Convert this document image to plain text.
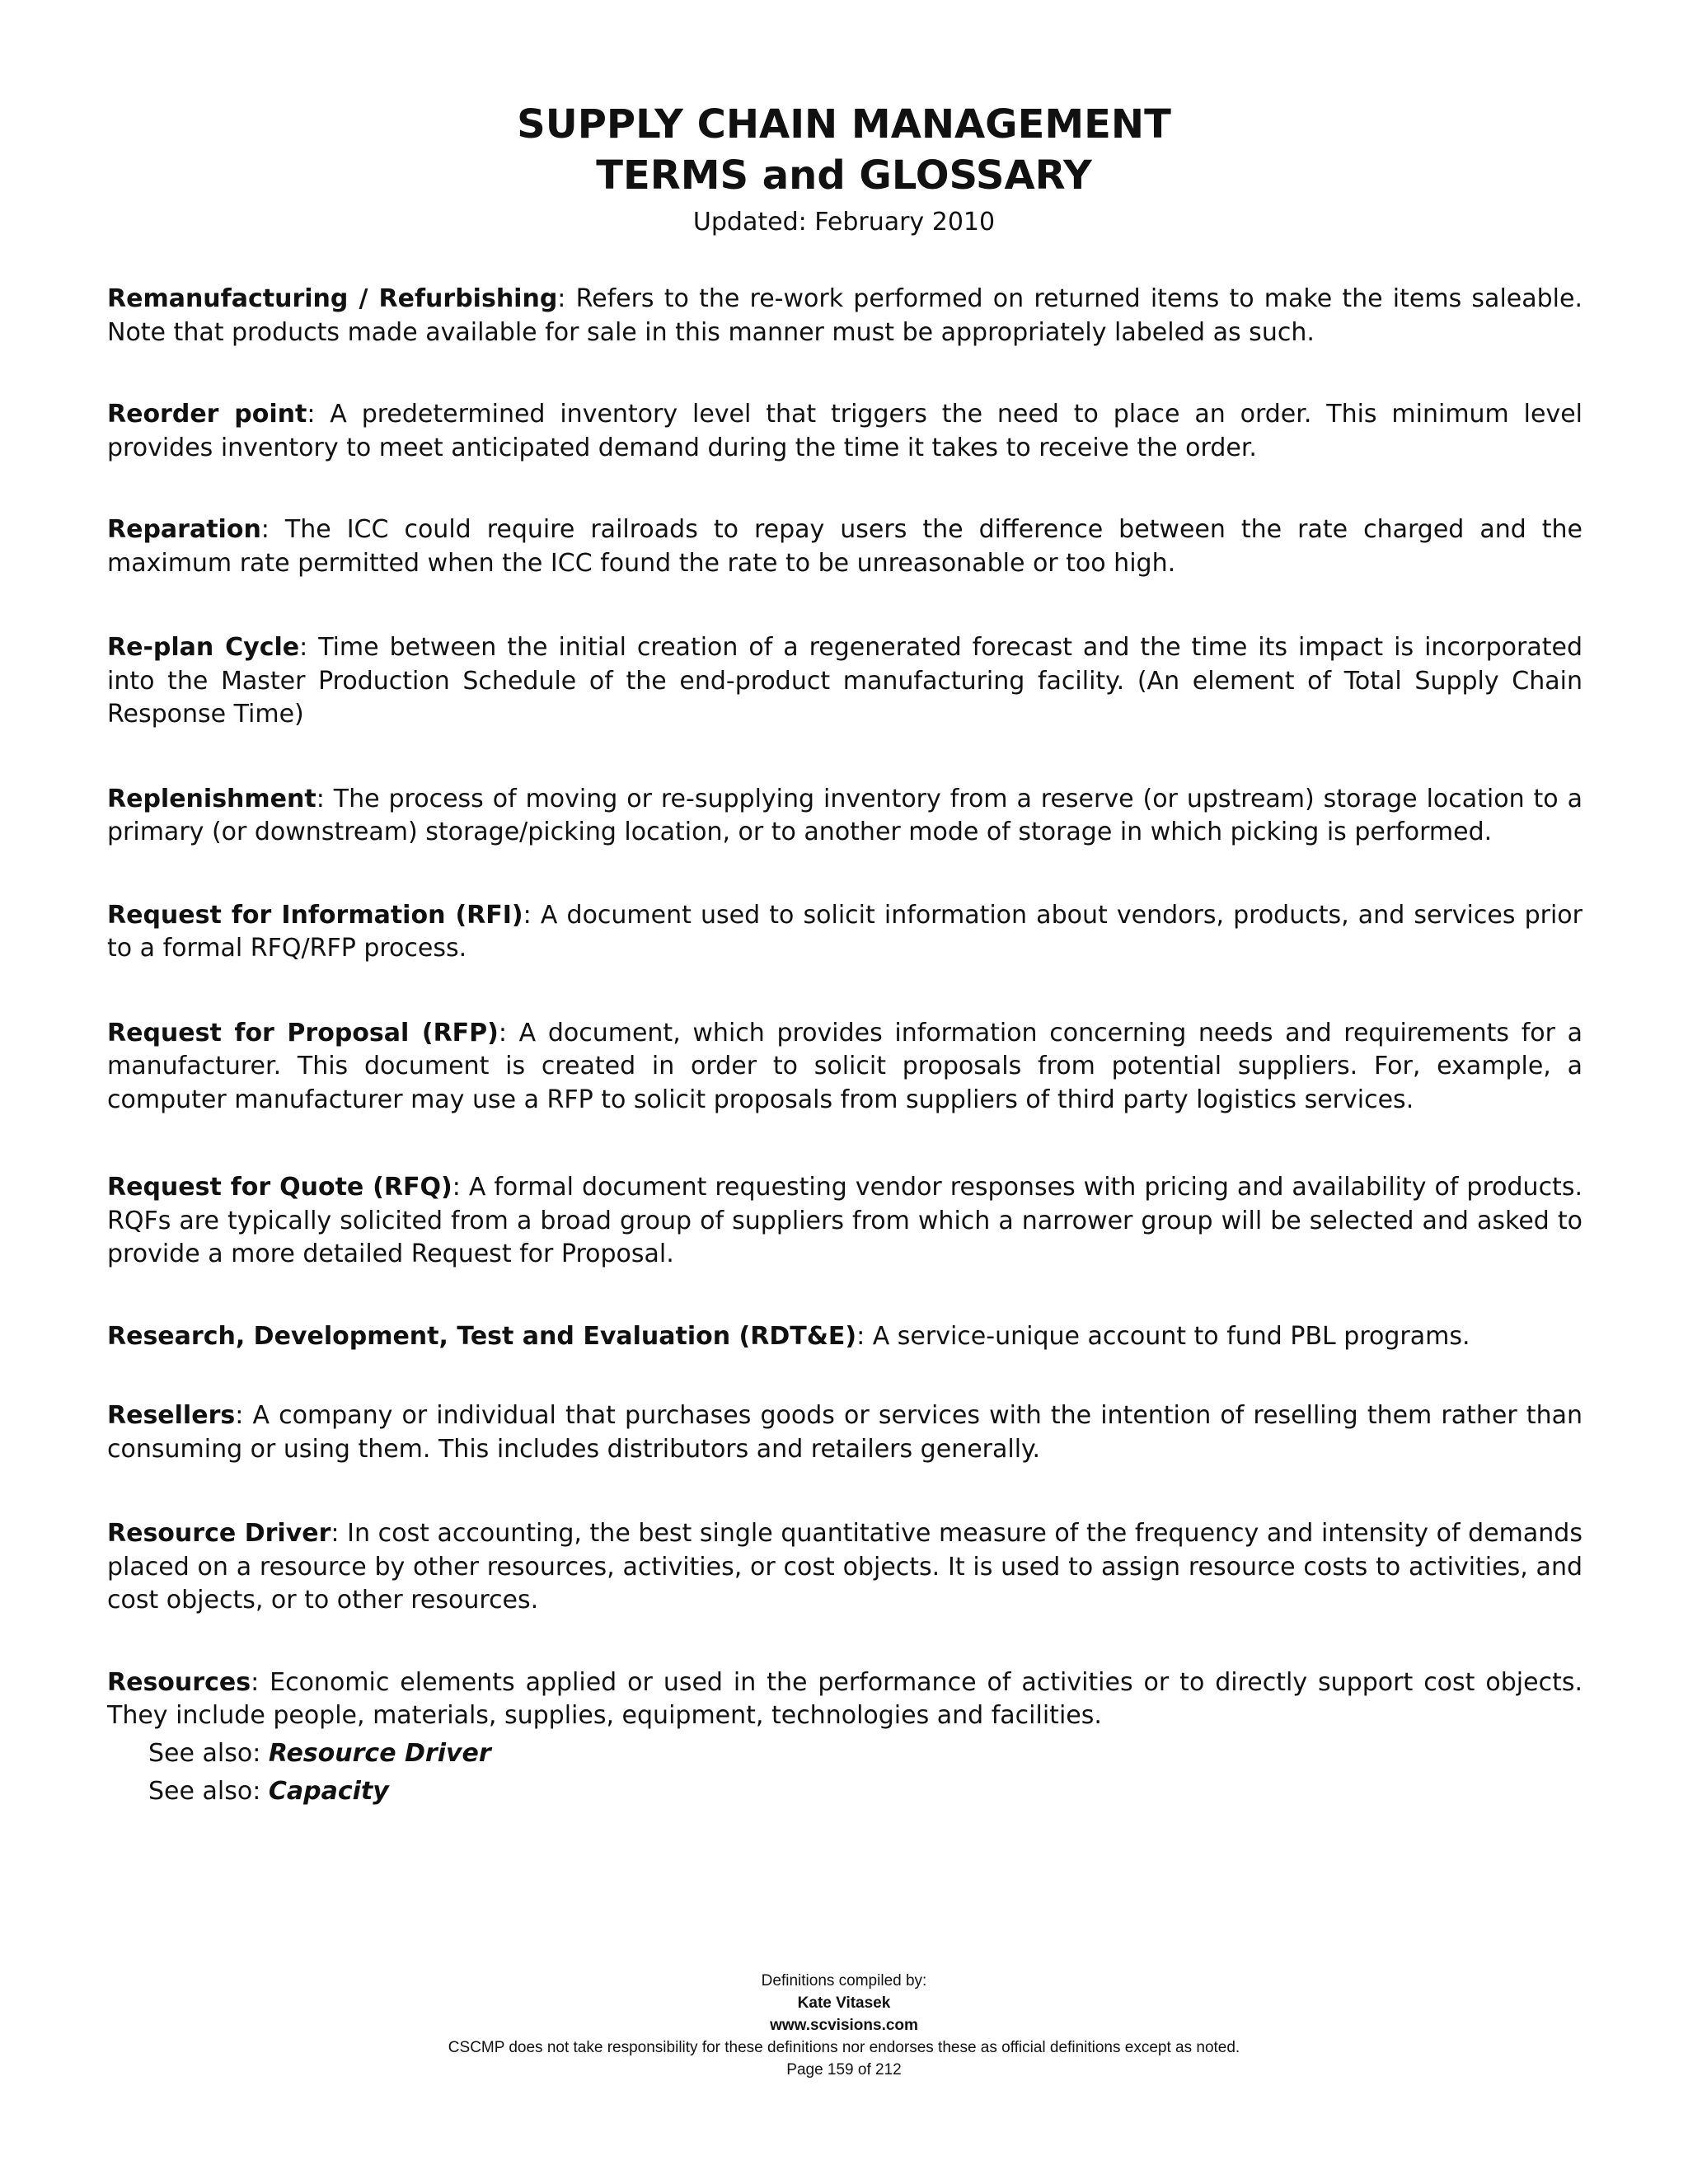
SUPPLY CHAIN MANAGEMENT
TERMS and GLOSSARY
Updated: February 2010

Remanufacturing / Refurbishing: Refers to the re-work performed on returned items to make the items saleable. Note that products made available for sale in this manner must be appropriately labeled as such.

Reorder point: A predetermined inventory level that triggers the need to place an order. This minimum level provides inventory to meet anticipated demand during the time it takes to receive the order.

Reparation: The ICC could require railroads to repay users the difference between the rate charged and the maximum rate permitted when the ICC found the rate to be unreasonable or too high.

Re-plan Cycle: Time between the initial creation of a regenerated forecast and the time its impact is incorporated into the Master Production Schedule of the end-product manufacturing facility. (An element of Total Supply Chain Response Time)

Replenishment: The process of moving or re-supplying inventory from a reserve (or upstream) storage location to a primary (or downstream) storage/picking location, or to another mode of storage in which picking is performed.

Request for Information (RFI): A document used to solicit information about vendors, products, and services prior to a formal RFQ/RFP process.

Request for Proposal (RFP): A document, which provides information concerning needs and requirements for a manufacturer. This document is created in order to solicit proposals from potential suppliers. For, example, a computer manufacturer may use a RFP to solicit proposals from suppliers of third party logistics services.

Request for Quote (RFQ): A formal document requesting vendor responses with pricing and availability of products. RQFs are typically solicited from a broad group of suppliers from which a narrower group will be selected and asked to provide a more detailed Request for Proposal.

Research, Development, Test and Evaluation (RDT&E): A service-unique account to fund PBL programs.

Resellers: A company or individual that purchases goods or services with the intention of reselling them rather than consuming or using them. This includes distributors and retailers generally.

Resource Driver: In cost accounting, the best single quantitative measure of the frequency and intensity of demands placed on a resource by other resources, activities, or cost objects. It is used to assign resource costs to activities, and cost objects, or to other resources.

Resources: Economic elements applied or used in the performance of activities or to directly support cost objects. They include people, materials, supplies, equipment, technologies and facilities.

See also: Resource Driver
See also: Capacity
Definitions compiled by:
Kate Vitasek
www.scvisions.com
CSCMP does not take responsibility for these definitions nor endorses these as official definitions except as noted.
Page 159 of 212
